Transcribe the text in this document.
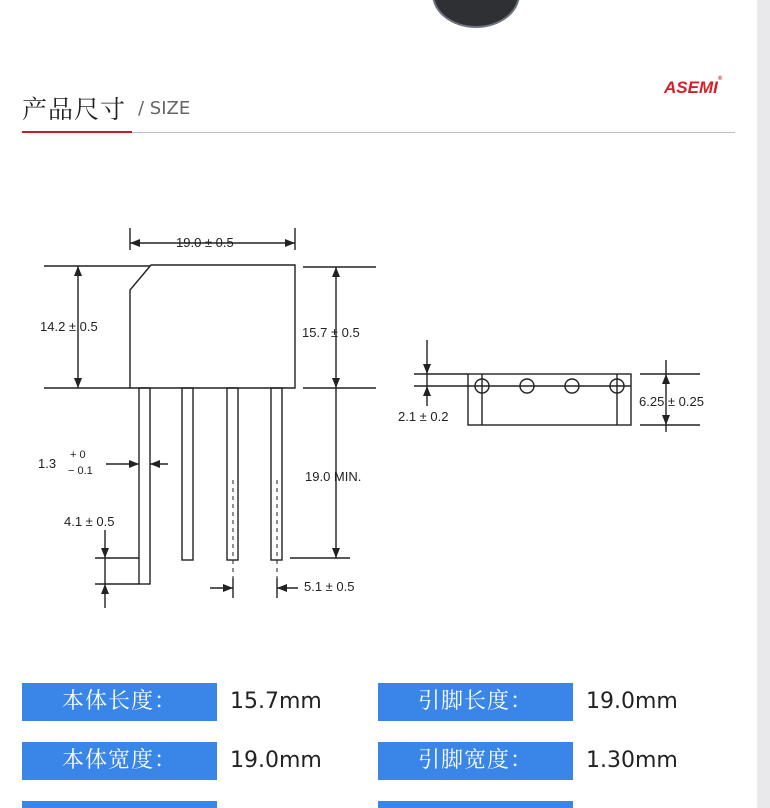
产品尺寸 / SIZE
ASEMI®
19.0 ± 0.5
14.2 ± 0.5	15.7 ± 0.5
1.3
+ 0
− 0.1	19.0 MIN.
4.1 ± 0.5
5.1 ± 0.5
2.1 ± 0.2
6.25 ± 0.25
本体长度：	15.7mm	引脚长度：	19.0mm
本体宽度：	19.0mm	引脚宽度：	1.30mm
